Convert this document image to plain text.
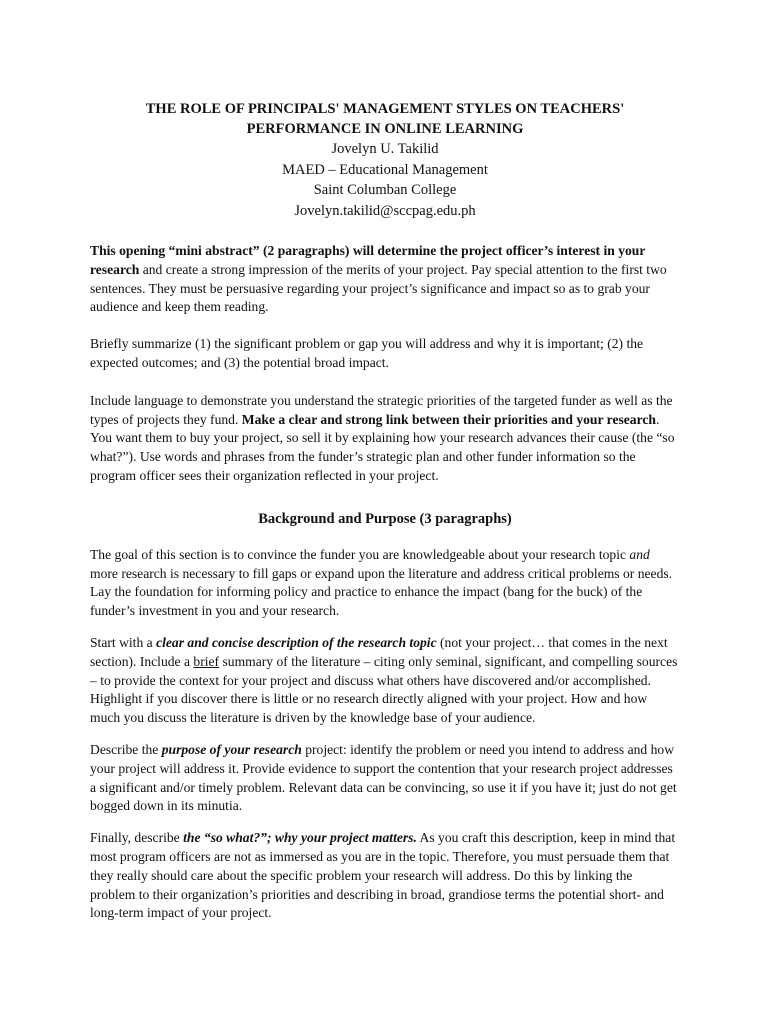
THE ROLE OF PRINCIPALS' MANAGEMENT STYLES ON TEACHERS'
PERFORMANCE IN ONLINE LEARNING
Jovelyn U. Takilid
MAED – Educational Management
Saint Columban College
Jovelyn.takilid@sccpag.edu.ph

This opening “mini abstract” (2 paragraphs) will determine the project officer’s interest in your research and create a strong impression of the merits of your project. Pay special attention to the first two sentences. They must be persuasive regarding your project’s significance and impact so as to grab your audience and keep them reading.

Briefly summarize (1) the significant problem or gap you will address and why it is important; (2) the expected outcomes; and (3) the potential broad impact.

Include language to demonstrate you understand the strategic priorities of the targeted funder as well as the types of projects they fund. Make a clear and strong link between their priorities and your research. You want them to buy your project, so sell it by explaining how your research advances their cause (the “so what?”). Use words and phrases from the funder’s strategic plan and other funder information so the program officer sees their organization reflected in your project.

Background and Purpose (3 paragraphs)

The goal of this section is to convince the funder you are knowledgeable about your research topic and more research is necessary to fill gaps or expand upon the literature and address critical problems or needs. Lay the foundation for informing policy and practice to enhance the impact (bang for the buck) of the funder’s investment in you and your research.

Start with a clear and concise description of the research topic (not your project… that comes in the next section). Include a brief summary of the literature – citing only seminal, significant, and compelling sources – to provide the context for your project and discuss what others have discovered and/or accomplished. Highlight if you discover there is little or no research directly aligned with your project. How and how much you discuss the literature is driven by the knowledge base of your audience.

Describe the purpose of your research project: identify the problem or need you intend to address and how your project will address it. Provide evidence to support the contention that your research project addresses a significant and/or timely problem. Relevant data can be convincing, so use it if you have it; just do not get bogged down in its minutia.

Finally, describe the “so what?”; why your project matters. As you craft this description, keep in mind that most program officers are not as immersed as you are in the topic. Therefore, you must persuade them that they really should care about the specific problem your research will address. Do this by linking the problem to their organization’s priorities and describing in broad, grandiose terms the potential short- and long-term impact of your project.
